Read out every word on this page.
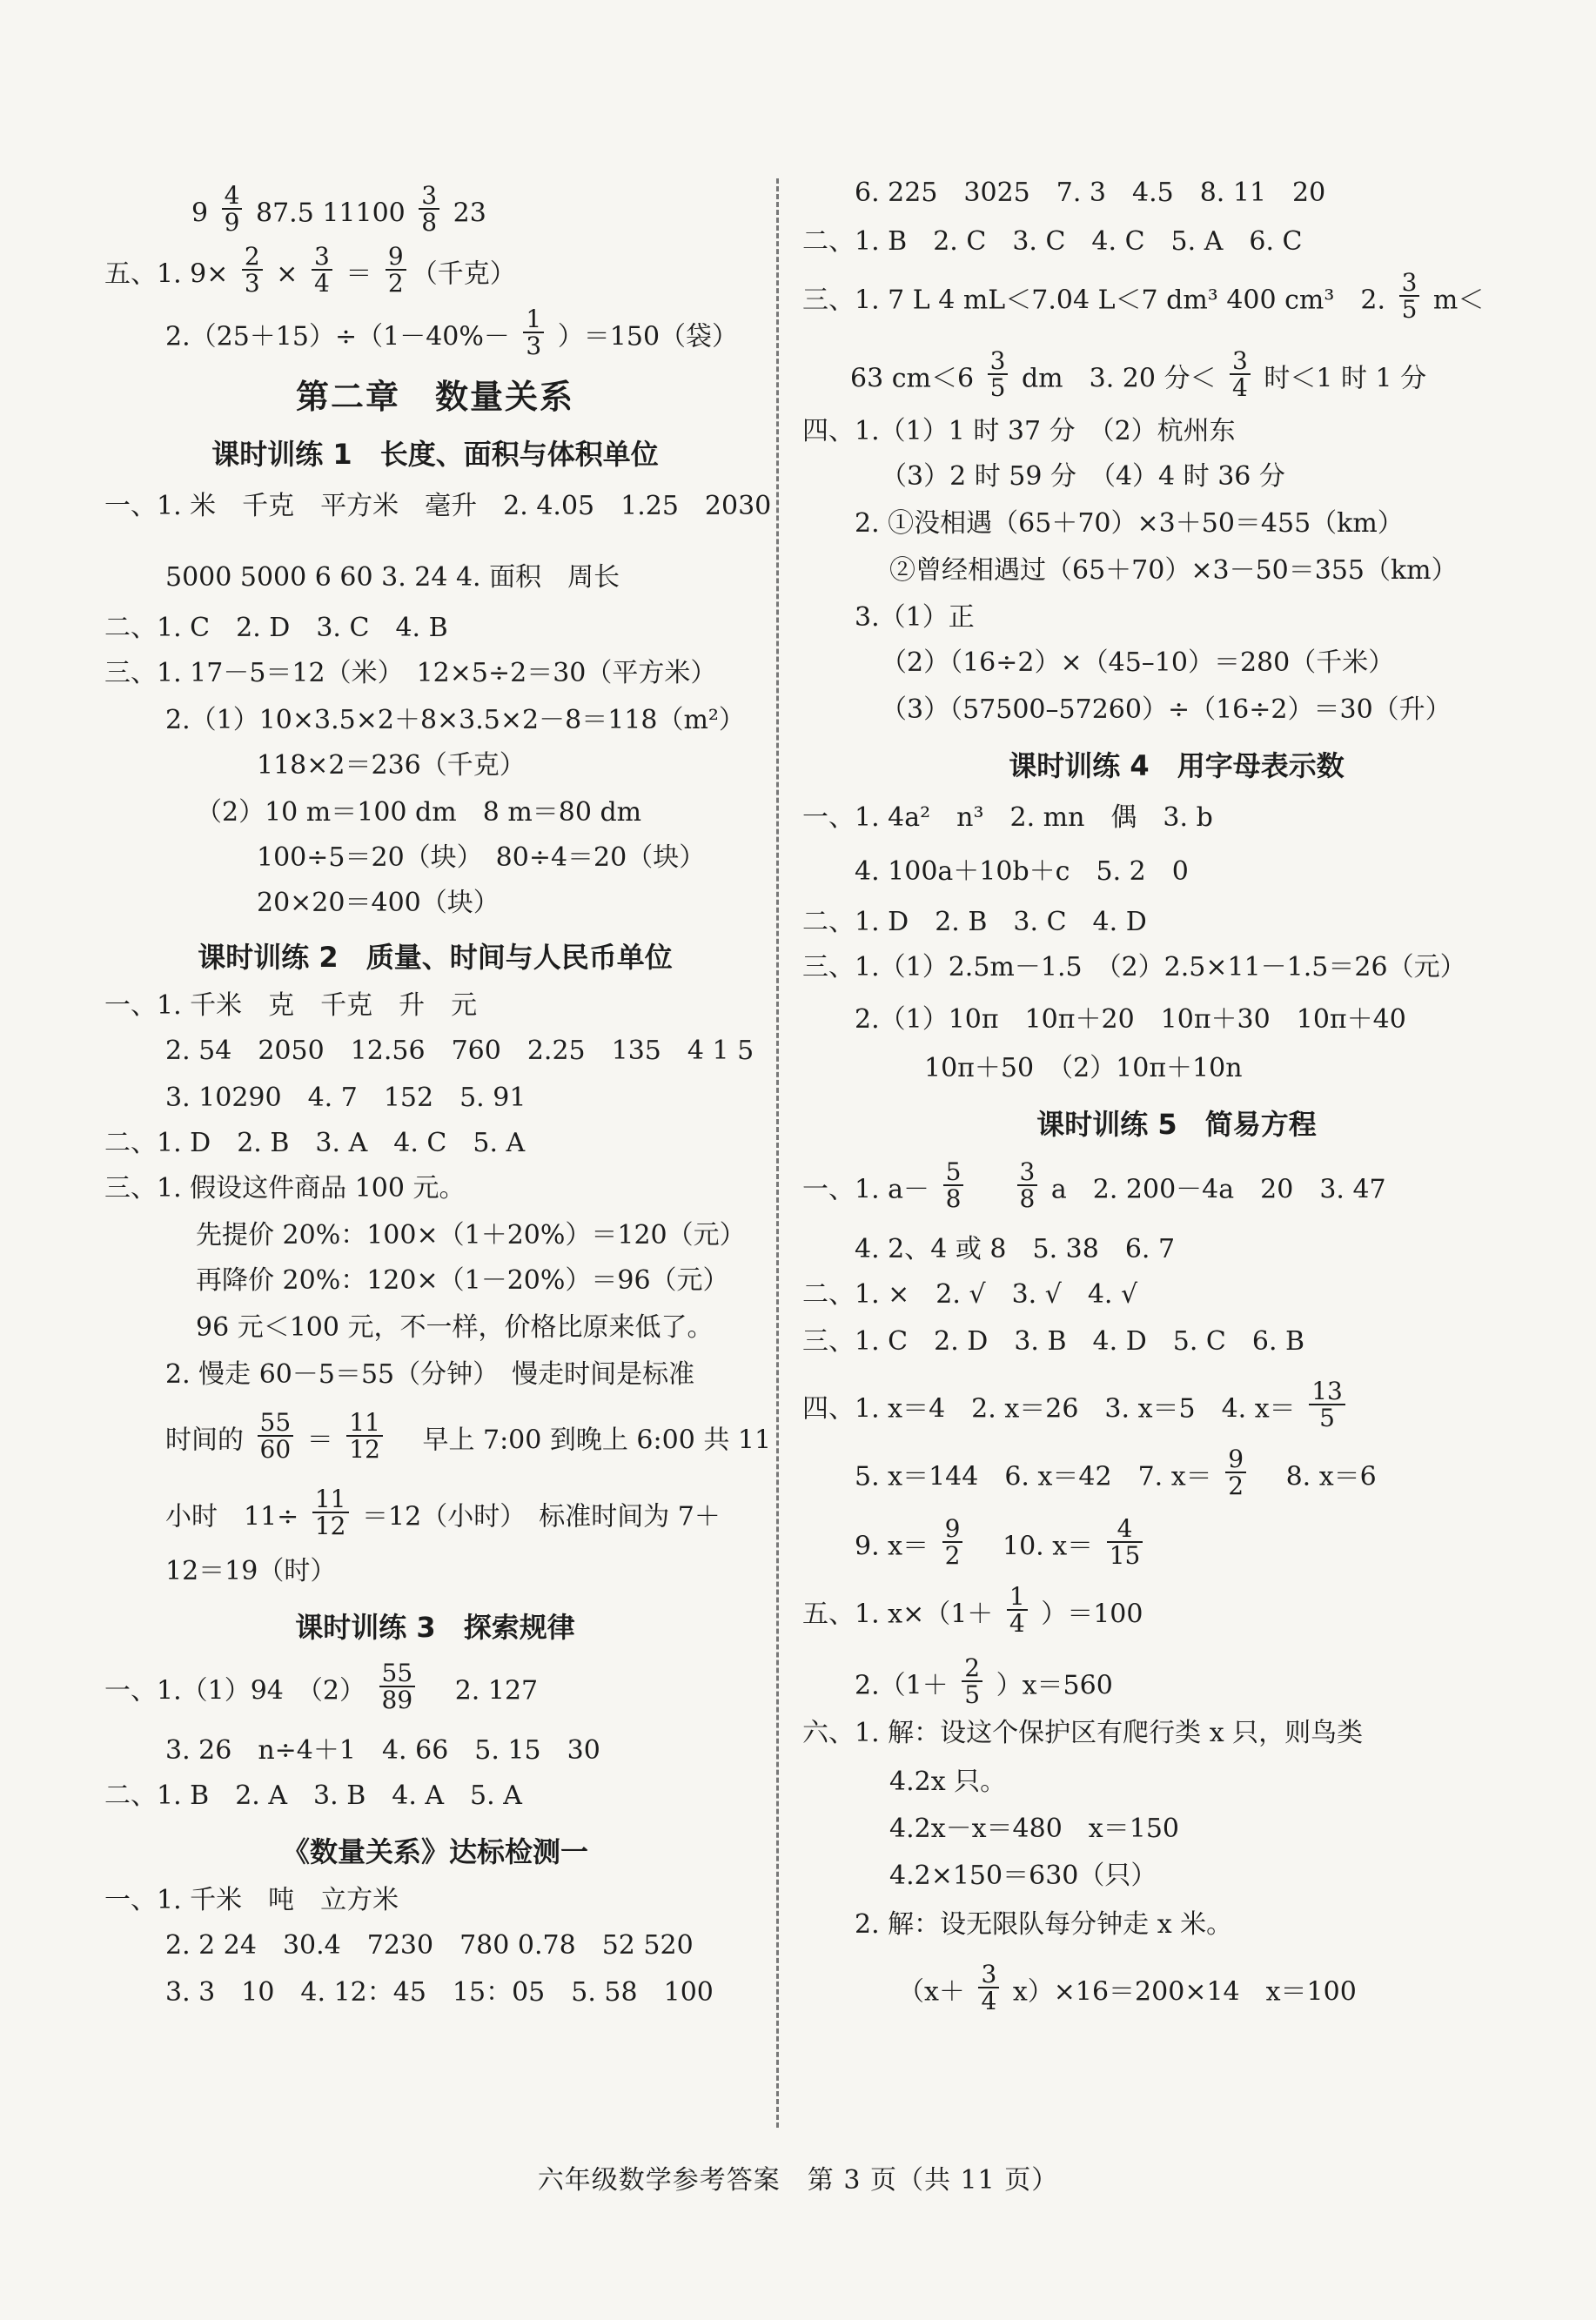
$9 \frac{4}{9} 87.5$ $11100 \frac{3}{8} 23$
五、1. $9\times \frac{2}{3} \times \frac{3}{4} = \frac{9}{2}$ （千克）
$2.(25+15)\div(1-40\%- \frac{1}{3} )=150$（袋）
第二章　数量关系
课时训练 1　长度、面积与体积单位
一、1. 米　千克　平方米　毫升　2. 4.05　1.25　2030
5000 5000 6 60 3. 24 4. 面积　周长
二、1. C　2. D　3. C　4. B
三、1. 17－5＝12（米）　12×5÷2＝30（平方米）
2.（1）10×3.5×2＋8×3.5×2－8＝118（m²）
118×2＝236（千克）
（2）10 m＝100 dm　8 m＝80 dm
100÷5＝20（块）　80÷4＝20（块）
20×20＝400（块）
课时训练 2　质量、时间与人民币单位
一、1. 千米　克　千克　升　元
2. 54　2050　12.56　760　2.25　135　4 1 5
3. 10290　4. 7　152　5. 91
二、1. D　2. B　3. A　4. C　5. A
三、1. 假设这件商品 100 元。
先提价 20%：100×（1＋20%）＝120（元）
再降价 20%：120×（1－20%）＝96（元）
96 元＜100 元，不一样，价格比原来低了。
2. 慢走 60－5＝55（分钟）　慢走时间是标准
时间的 $\frac{55}{60} = \frac{11}{12}$ 　早上 7:00 到晚上 6:00 共 11
小时　$11\div \frac{11}{12} =12$（小时）　标准时间为 7＋
12＝19（时）
课时训练 3　探索规律
一、1.（1）94　$(2) \frac{55}{89}$ 　2. 127
3. 26　n÷4＋1　4. 66　5. 15　30
二、1. B　2. A　3. B　4. A　5. A
《数量关系》达标检测一
一、1. 千米　吨　立方米
2. 2 24　30.4　7230　780 0.78　52 520
3. 3　10　4. 12：45　15：05　5. 58　100
6. 225　3025　7. 3　4.5　8. 11　20
二、1. B　2. C　3. C　4. C　5. A　6. C
三、1. 7 L 4 mL＜7.04 L＜7 dm³ 400 cm³　2. $\frac{3}{5} m<$
63 $cm<6 \frac{3}{5}$ dm　3. 20 分＜ $\frac{3}{4}$ 时＜1 时 1 分
四、1.（1）1 时 37 分　（2）杭州东
（3）2 时 59 分　（4）4 时 36 分
2. ①没相遇（65＋70）×3＋50＝455（km）
②曾经相遇过（65＋70）×3－50＝355（km）
3.（1）正
（2）（16÷2）×（45–10）＝280（千米）
（3）（57500–57260）÷（16÷2）＝30（升）
课时训练 4　用字母表示数
一、1. 4a²　n³　2. mn　偶　3. b
4. 100a＋10b＋c　5. 2　0
二、1. D　2. B　3. C　4. D
三、1.（1）2.5m－1.5　（2）2.5×11－1.5＝26（元）
2.（1）10π　10π＋20　10π＋30　10π＋40
10π＋50　（2）10π＋10n
课时训练 5　简易方程
一、1. $a- \frac{5}{8}$
　 $\frac{3}{8}$ a　2. 200－4a　20　3. 47
4. 2、4 或 8　5. 38　6. 7
二、1. ×　2. √　3. √　4. √
三、1. C　2. D　3. B　4. D　5. C　6. B
四、1. x＝4　2. x＝26　3. x＝5　4. $x= \frac{13}{5}$
5. x＝144　6. x＝42　7. $x= \frac{9}{2}$ 　8. x＝6
9. $x= \frac{9}{2}$ 　10. $x= \frac{4}{15}$
五、1. $x\times(1+ \frac{1}{4} )=100$
$2.(1+ \frac{2}{5} )x=560$
六、1. 解：设这个保护区有爬行类 x 只，则鸟类
4.2x 只。
4.2x－x＝480　x＝150
4.2×150＝630（只）
2. 解：设无限队每分钟走 x 米。
$(x+ \frac{3}{4} x)\times 16=200\times 14$　x＝100
六年级数学参考答案　第 3 页（共 11 页）
